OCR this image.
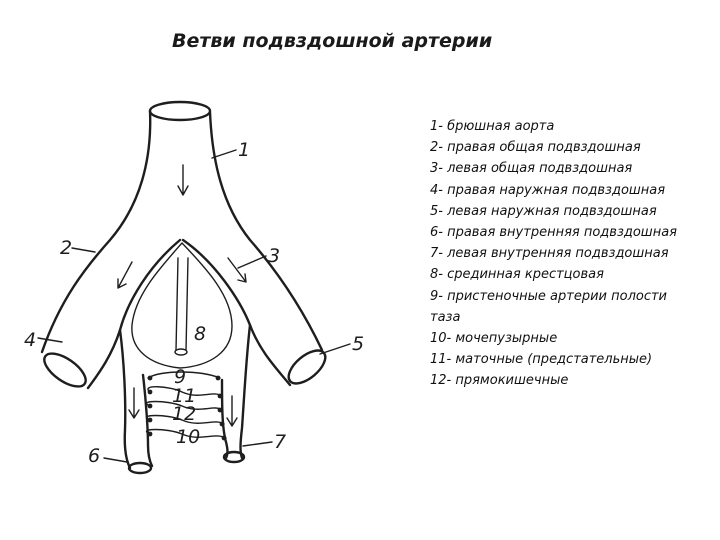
Ветви подвздошной артерии
1
2	3
4	5
6
7
8
9
10
11
12
1- брюшная аорта
2- правая общая подвздошная
3- левая общая подвздошная
4- правая наружная подвздошная
5- левая наружная подвздошная
6- правая внутренняя подвздошная
7- левая внутренняя подвздошная
8- срединная крестцовая
9- пристеночные артерии полости
таза
10- мочепузырные
11- маточные (предстательные)
12- прямокишечные
